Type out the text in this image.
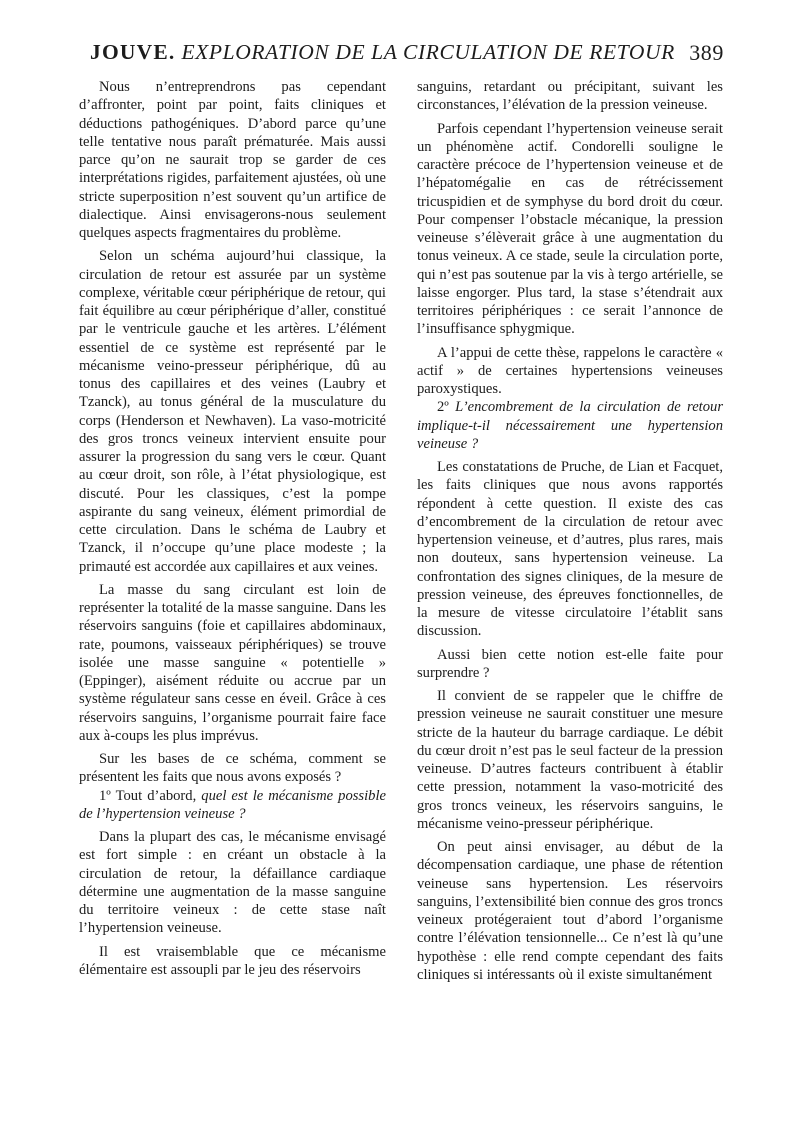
JOUVE. EXPLORATION DE LA CIRCULATION DE RETOUR 389

Nous n’entreprendrons pas cependant d’affronter, point par point, faits cliniques et déductions pathogéniques. D’abord parce qu’une telle tentative nous paraît prématurée. Mais aussi parce qu’on ne saurait trop se garder de ces interprétations rigides, parfaitement ajustées, où une stricte superposition n’est souvent qu’un artifice de dialectique. Ainsi envisagerons-nous seulement quelques aspects fragmentaires du problème.

Selon un schéma aujourd’hui classique, la circulation de retour est assurée par un système complexe, véritable cœur périphérique de retour, qui fait équilibre au cœur périphérique d’aller, constitué par le ventricule gauche et les artères. L’élément essentiel de ce système est représenté par le mécanisme veino-presseur périphérique, dû au tonus des capillaires et des veines (Laubry et Tzanck), au tonus général de la musculature du corps (Henderson et Newhaven). La vaso-motricité des gros troncs veineux intervient ensuite pour assurer la progression du sang vers le cœur. Quant au cœur droit, son rôle, à l’état physiologique, est discuté. Pour les classiques, c’est la pompe aspirante du sang veineux, élément primordial de cette circulation. Dans le schéma de Laubry et Tzanck, il n’occupe qu’une place modeste ; la primauté est accordée aux capillaires et aux veines.

La masse du sang circulant est loin de représenter la totalité de la masse sanguine. Dans les réservoirs sanguins (foie et capillaires abdominaux, rate, poumons, vaisseaux périphériques) se trouve isolée une masse sanguine « potentielle » (Eppinger), aisément réduite ou accrue par un système régulateur sans cesse en éveil. Grâce à ces réservoirs sanguins, l’organisme pourrait faire face aux à-coups les plus imprévus.

Sur les bases de ce schéma, comment se présentent les faits que nous avons exposés ?

1º Tout d’abord, quel est le mécanisme possible de l’hypertension veineuse ?

Dans la plupart des cas, le mécanisme envisagé est fort simple : en créant un obstacle à la circulation de retour, la défaillance cardiaque détermine une augmentation de la masse sanguine du territoire veineux : de cette stase naît l’hypertension veineuse.

Il est vraisemblable que ce mécanisme élémentaire est assoupli par le jeu des réservoirs

sanguins, retardant ou précipitant, suivant les circonstances, l’élévation de la pression veineuse.

Parfois cependant l’hypertension veineuse serait un phénomène actif. Condorelli souligne le caractère précoce de l’hypertension veineuse et de l’hépatomégalie en cas de rétrécissement tricuspidien et de symphyse du bord droit du cœur. Pour compenser l’obstacle mécanique, la pression veineuse s’élèverait grâce à une augmentation du tonus veineux. A ce stade, seule la circulation porte, qui n’est pas soutenue par la vis à tergo artérielle, se laisse engorger. Plus tard, la stase s’étendrait aux territoires périphériques : ce serait l’annonce de l’insuffisance sphygmique.

A l’appui de cette thèse, rappelons le caractère « actif » de certaines hypertensions veineuses paroxystiques.

2º L’encombrement de la circulation de retour implique-t-il nécessairement une hypertension veineuse ?

Les constatations de Pruche, de Lian et Facquet, les faits cliniques que nous avons rapportés répondent à cette question. Il existe des cas d’encombrement de la circulation de retour avec hypertension veineuse, et d’autres, plus rares, mais non douteux, sans hypertension veineuse. La confrontation des signes cliniques, de la mesure de pression veineuse, des épreuves fonctionnelles, de la mesure de vitesse circulatoire l’établit sans discussion.

Aussi bien cette notion est-elle faite pour surprendre ?

Il convient de se rappeler que le chiffre de pression veineuse ne saurait constituer une mesure stricte de la hauteur du barrage cardiaque. Le débit du cœur droit n’est pas le seul facteur de la pression veineuse. D’autres facteurs contribuent à établir cette pression, notamment la vaso-motricité des gros troncs veineux, les réservoirs sanguins, le mécanisme veino-presseur périphérique.

On peut ainsi envisager, au début de la décompensation cardiaque, une phase de rétention veineuse sans hypertension. Les réservoirs sanguins, l’extensibilité bien connue des gros troncs veineux protégeraient tout d’abord l’organisme contre l’élévation tensionnelle... Ce n’est là qu’une hypothèse : elle rend compte cependant des faits cliniques si intéressants où il existe simultanément
